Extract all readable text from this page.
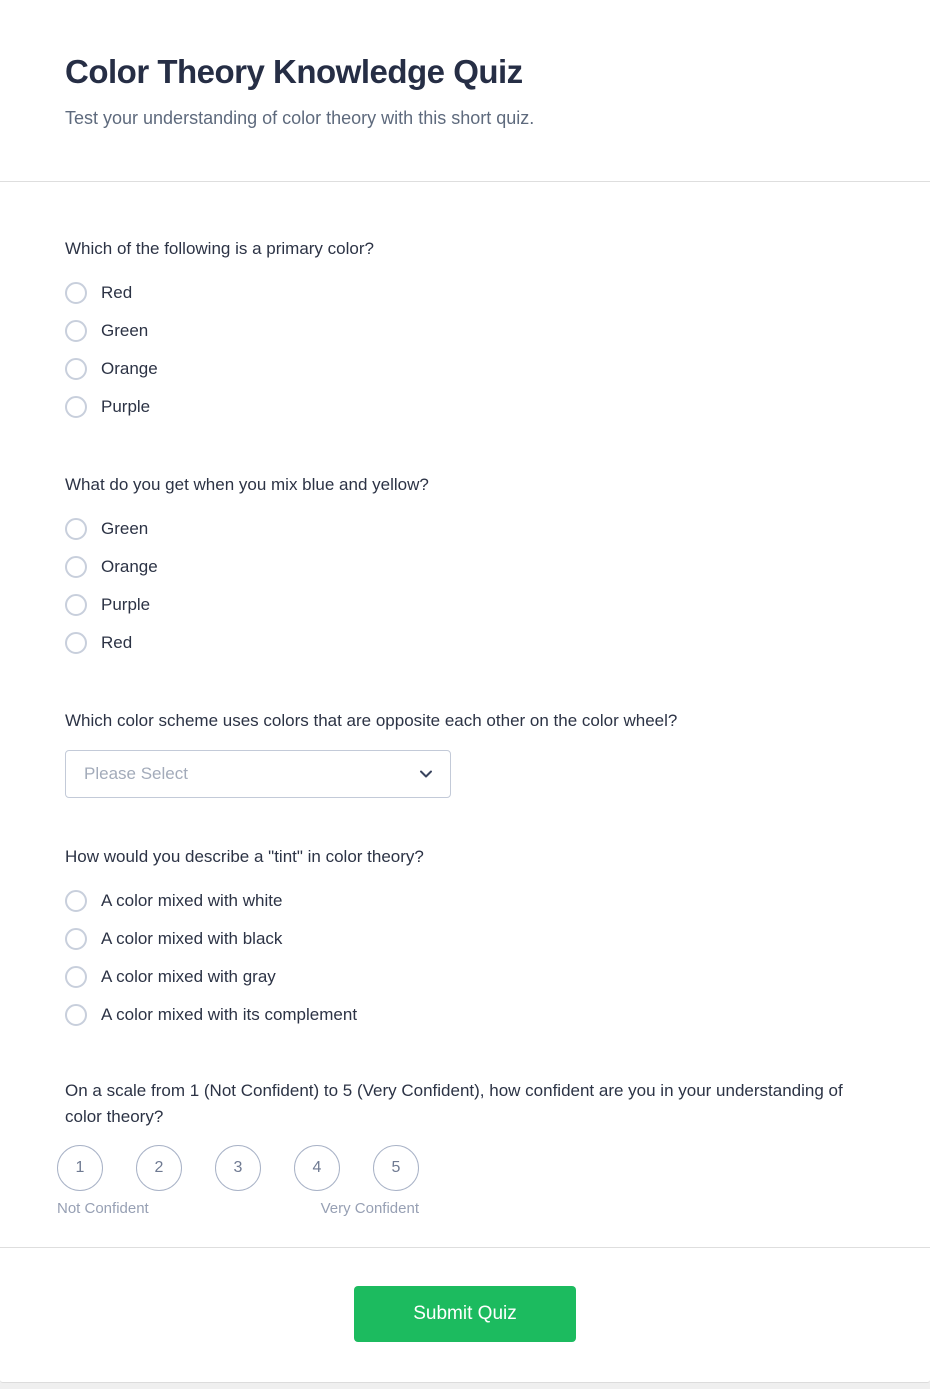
Color Theory Knowledge Quiz

Test your understanding of color theory with this short quiz.

Which of the following is a primary color?
Red
Green
Orange
Purple
What do you get when you mix blue and yellow?
Green
Orange
Purple
Red
Which color scheme uses colors that are opposite each other on the color wheel?
Please Select
How would you describe a "tint" in color theory?
A color mixed with white
A color mixed with black
A color mixed with gray
A color mixed with its complement
On a scale from 1 (Not Confident) to 5 (Very Confident), how confident are you in your understanding of color theory?
1	2	3	4	5
Not Confident	Very Confident
Submit Quiz
